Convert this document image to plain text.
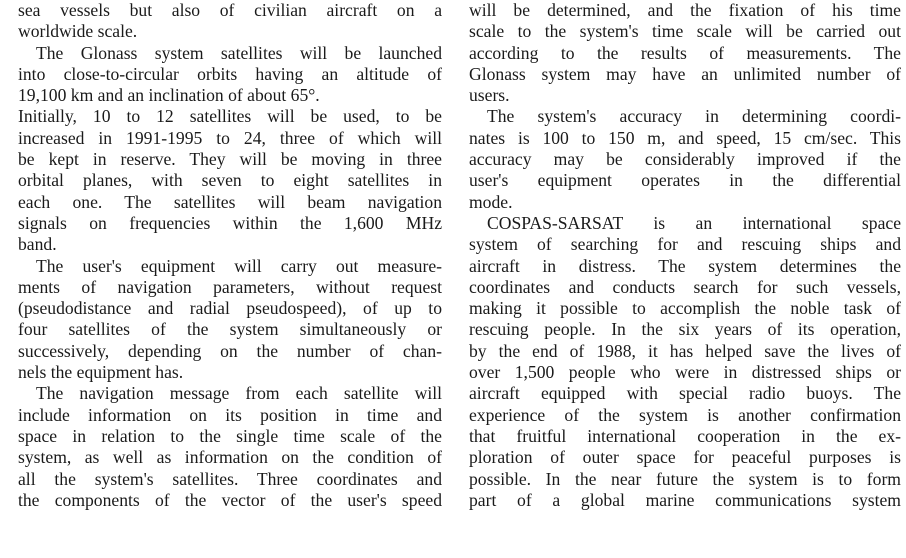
sea vessels but also of civilian aircraft on a
worldwide scale.
The Glonass system satellites will be launched
into close-to-circular orbits having an altitude of
19,100 km and an inclination of about 65°.
Initially, 10 to 12 satellites will be used, to be
increased in 1991-1995 to 24, three of which will
be kept in reserve. They will be moving in three
orbital planes, with seven to eight satellites in
each one. The satellites will beam navigation
signals on frequencies within the 1,600 MHz
band.
The user's equipment will carry out measure-
ments of navigation parameters, without request
(pseudodistance and radial pseudospeed), of up to
four satellites of the system simultaneously or
successively, depending on the number of chan-
nels the equipment has.
The navigation message from each satellite will
include information on its position in time and
space in relation to the single time scale of the
system, as well as information on the condition of
all the system's satellites. Three coordinates and
the components of the vector of the user's speed
will be determined, and the fixation of his time
scale to the system's time scale will be carried out
according to the results of measurements. The
Glonass system may have an unlimited number of
users.
The system's accuracy in determining coordi-
nates is 100 to 150 m, and speed, 15 cm/sec. This
accuracy may be considerably improved if the
user's equipment operates in the differential
mode.
COSPAS-SARSAT is an international space
system of searching for and rescuing ships and
aircraft in distress. The system determines the
coordinates and conducts search for such vessels,
making it possible to accomplish the noble task of
rescuing people. In the six years of its operation,
by the end of 1988, it has helped save the lives of
over 1,500 people who were in distressed ships or
aircraft equipped with special radio buoys. The
experience of the system is another confirmation
that fruitful international cooperation in the ex-
ploration of outer space for peaceful purposes is
possible. In the near future the system is to form
part of a global marine communications system
